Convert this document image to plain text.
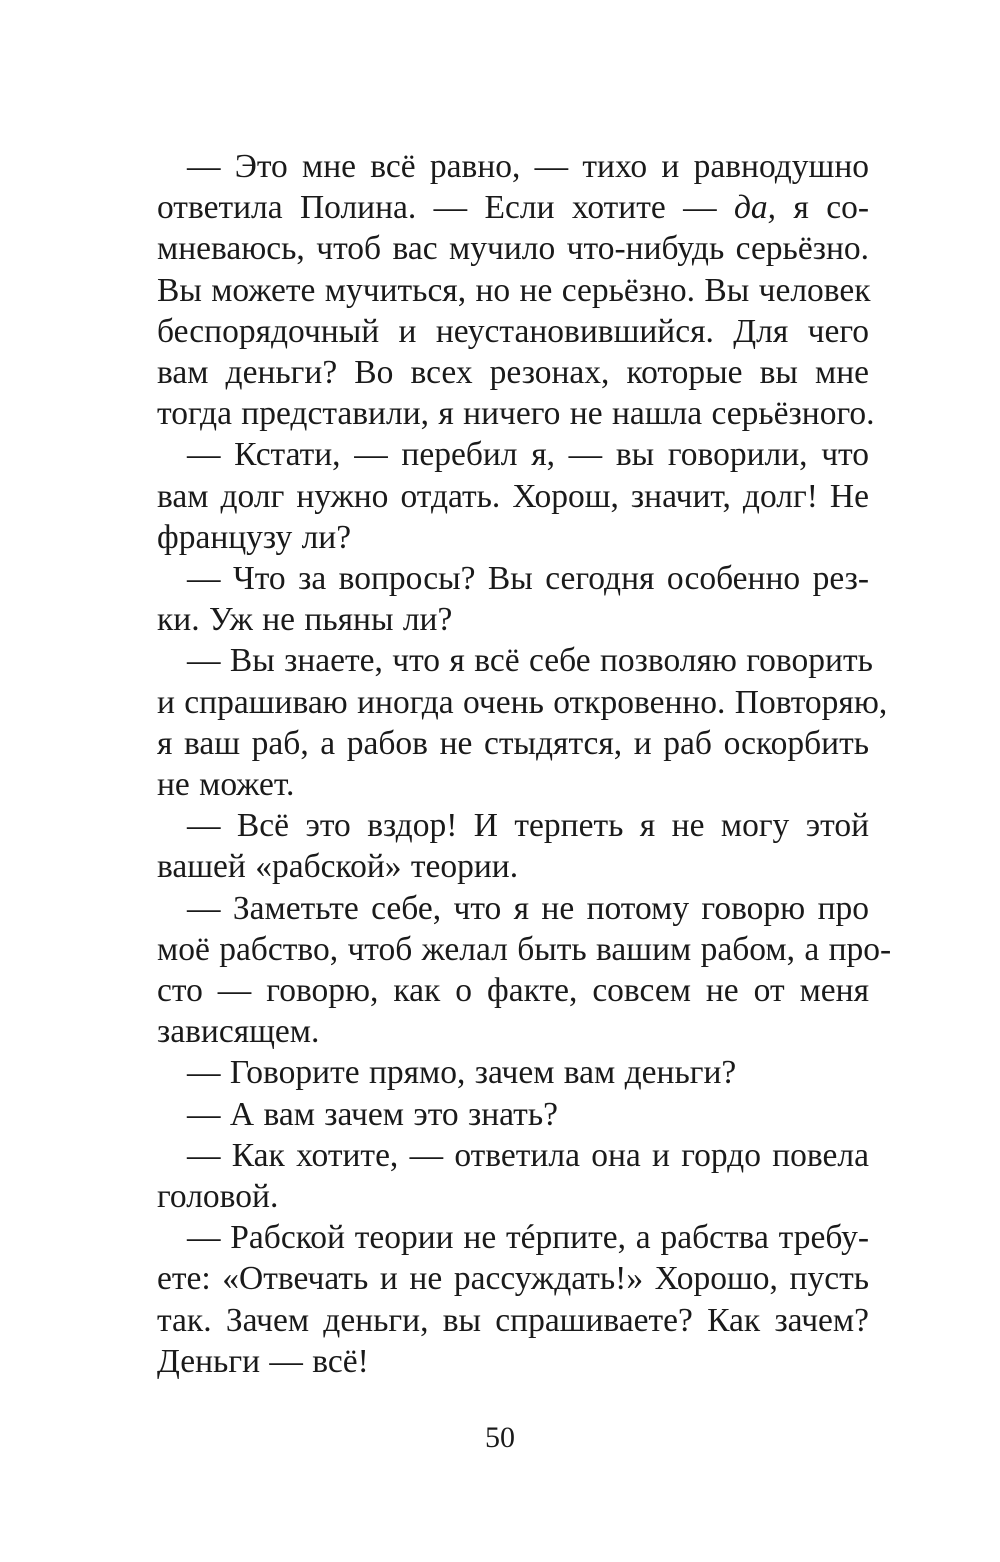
— Это мне всё равно, — тихо и равнодушно
ответила Полина. — Если хотите — да, я со-
мневаюсь, чтоб вас мучило что-нибудь серьёзно.
Вы можете мучиться, но не серьёзно. Вы человек
беспорядочный и неустановившийся. Для чего
вам деньги? Во всех резонах, которые вы мне
тогда представили, я ничего не нашла серьёзного.

— Кстати, — перебил я, — вы говорили, что
вам долг нужно отдать. Хорош, значит, долг! Не
французу ли?

— Что за вопросы? Вы сегодня особенно рез-
ки. Уж не пьяны ли?

— Вы знаете, что я всё себе позволяю говорить
и спрашиваю иногда очень откровенно. Повторяю,
я ваш раб, а рабов не стыдятся, и раб оскорбить
не может.

— Всё это вздор! И терпеть я не могу этой
вашей «рабской» теории.

— Заметьте себе, что я не потому говорю про
моё рабство, чтоб желал быть вашим рабом, а про-
сто — говорю, как о факте, совсем не от меня
зависящем.

— Говорите прямо, зачем вам деньги?

— А вам зачем это знать?

— Как хотите, — ответила она и гордо повела
головой.

— Рабской теории не тéрпите, а рабства требу-
ете: «Отвечать и не рассуждать!» Хорошо, пусть
так. Зачем деньги, вы спрашиваете? Как зачем?
Деньги — всё!

50
